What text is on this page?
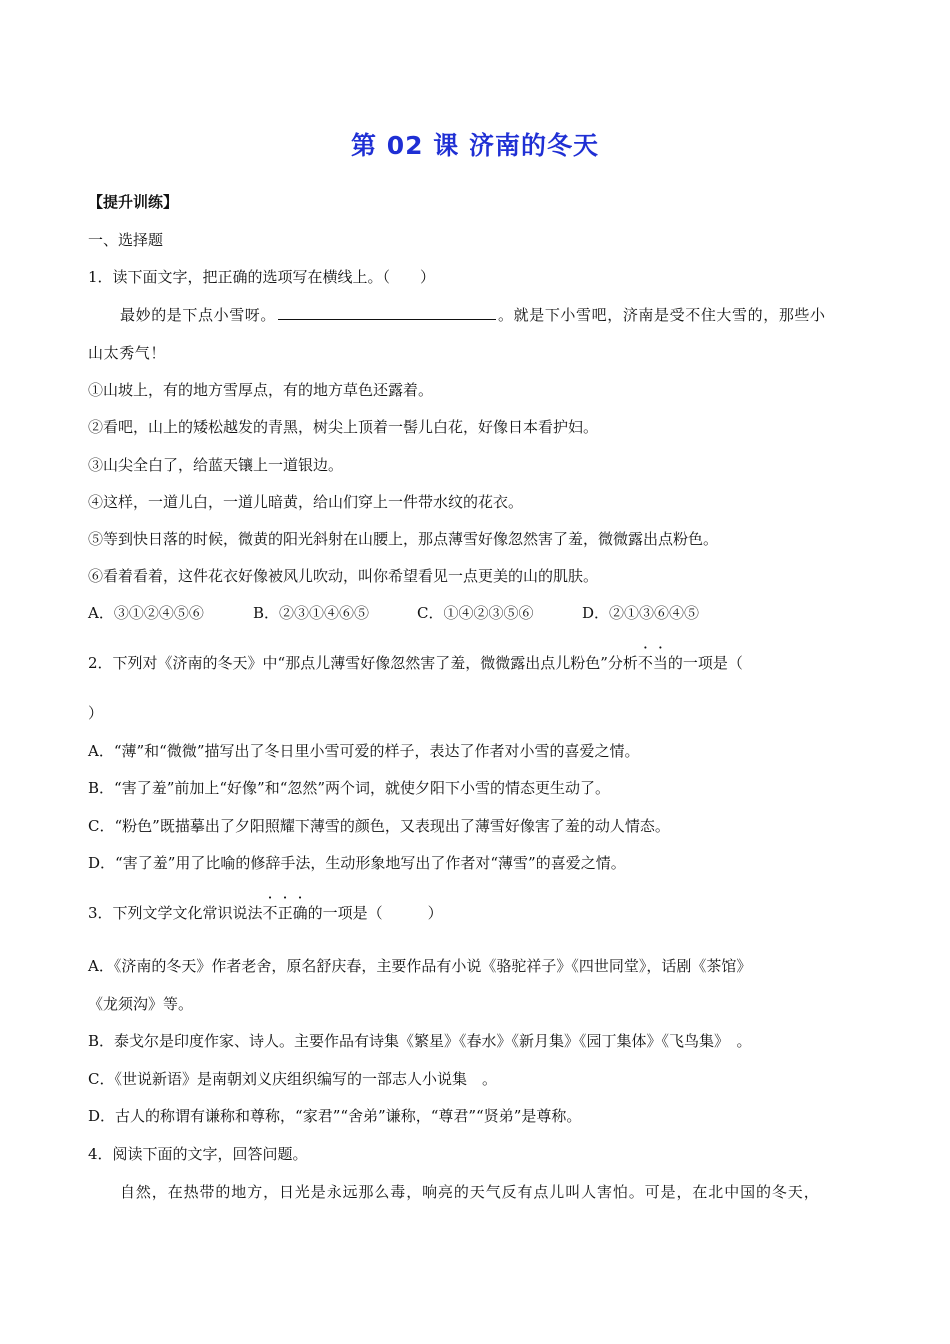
第 02 课 济南的冬天
【提升训练】
一、选择题
1．读下面文字，把正确的选项写在横线上。（　　）
最妙的是下点小雪呀。	。就是下小雪吧，济南是受不住大雪的，那些小
山太秀气！
①山坡上，有的地方雪厚点，有的地方草色还露着。
②看吧，山上的矮松越发的青黑，树尖上顶着一髻儿白花，好像日本看护妇。
③山尖全白了，给蓝天镶上一道银边。
④这样，一道儿白，一道儿暗黄，给山们穿上一件带水纹的花衣。
⑤等到快日落的时候，微黄的阳光斜射在山腰上，那点薄雪好像忽然害了羞，微微露出点粉色。
⑥看着看着，这件花衣好像被风儿吹动，叫你希望看见一点更美的山的肌肤。
A．③①②④⑤⑥	B．②③①④⑥⑤	C．①④②③⑤⑥	D．②①③⑥④⑤
2．下列对《济南的冬天》中“那点儿薄雪好像忽然害了羞，微微露出点儿粉色”分析不当的一项是（
）
A．“薄”和“微微”描写出了冬日里小雪可爱的样子，表达了作者对小雪的喜爱之情。
B．“害了羞”前加上“好像”和“忽然”两个词，就使夕阳下小雪的情态更生动了。
C．“粉色”既描摹出了夕阳照耀下薄雪的颜色，又表现出了薄雪好像害了羞的动人情态。
D．“害了羞”用了比喻的修辞手法，生动形象地写出了作者对“薄雪”的喜爱之情。
3．下列文学文化常识说法不正确的一项是（　　　）
A．《济南的冬天》作者老舍，原名舒庆春，主要作品有小说《骆驼祥子》《四世同堂》，话剧《茶馆》
《龙须沟》等。
B．泰戈尔是印度作家、诗人。主要作品有诗集《繁星》《春水》《新月集》《园丁集体》《飞鸟集》　。
C．《世说新语》是南朝刘义庆组织编写的一部志人小说集　。
D．古人的称谓有谦称和尊称，“家君”“舍弟”谦称，“尊君”“贤弟”是尊称。
4．阅读下面的文字，回答问题。
自然，在热带的地方，日光是永远那么毒，响亮的天气反有点儿叫人害怕。可是，在北中国的冬天，
